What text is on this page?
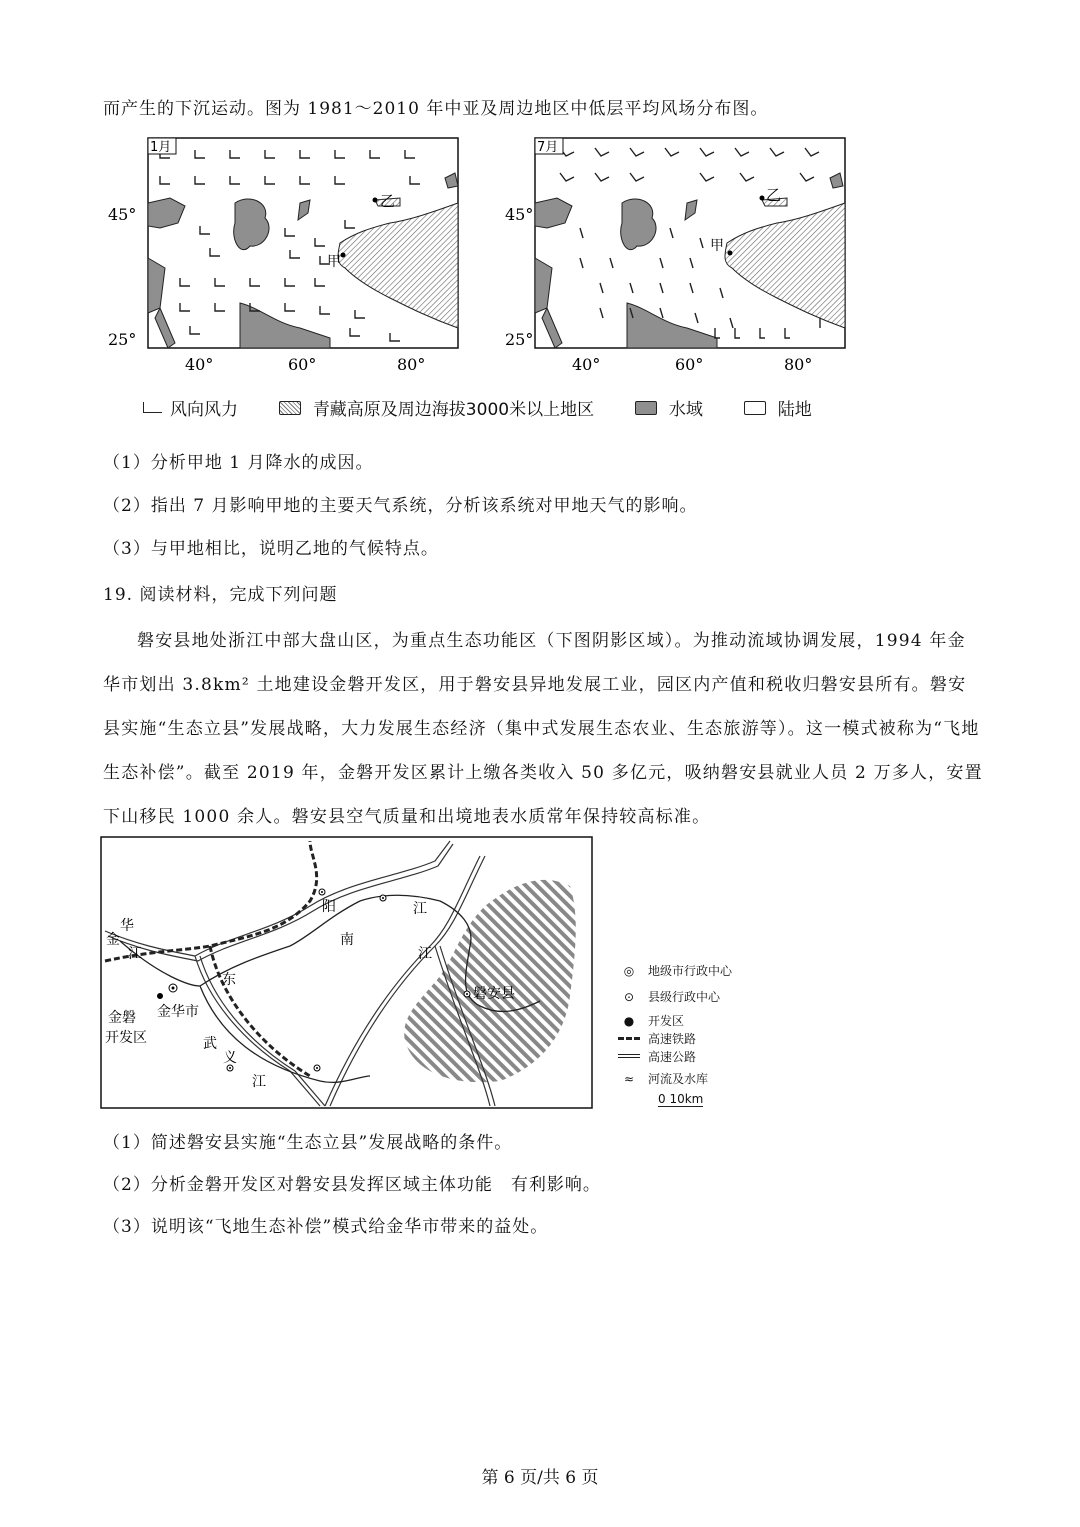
而产生的下沉运动。图为 1981～2010 年中亚及周边地区中低层平均风场分布图。
乙
甲
1月
45°
25°
40°	60°	80°
乙
甲
7月
45°
25°
40°	60°	80°
风向风力	青藏高原及周边海拔3000米以上地区	水域	陆地
（1）分析甲地 1 月降水的成因。
（2）指出 7 月影响甲地的主要天气系统，分析该系统对甲地天气的影响。
（3）与甲地相比，说明乙地的气候特点。
19. 阅读材料，完成下列问题
磐安县地处浙江中部大盘山区，为重点生态功能区（下图阴影区域）。为推动流域协调发展，1994 年金华市划出 3.8km² 土地建设金磐开发区，用于磐安县异地发展工业，园区内产值和税收归磐安县所有。磐安县实施“生态立县”发展战略，大力发展生态经济（集中式发展生态农业、生态旅游等）。这一模式被称为“飞地生态补偿”。截至 2019 年，金磐开发区累计上缴各类收入 50 多亿元，吸纳磐安县就业人员 2 万多人，安置下山移民 1000 余人。磐安县空气质量和出境地表水质常年保持较高标准。
金华江
东
阳	江
南
江
磐安县
金华市
金磐开发区	武
义
江
◎ 地级市行政中心
⊙ 县级行政中心
● 开发区
高速铁路
高速公路
≈ 河流及水库
0 10km
（1）简述磐安县实施“生态立县”发展战略的条件。
（2）分析金磐开发区对磐安县发挥区域主体功能　有利影响。
（3）说明该“飞地生态补偿”模式给金华市带来的益处。
第 6 页/共 6 页
